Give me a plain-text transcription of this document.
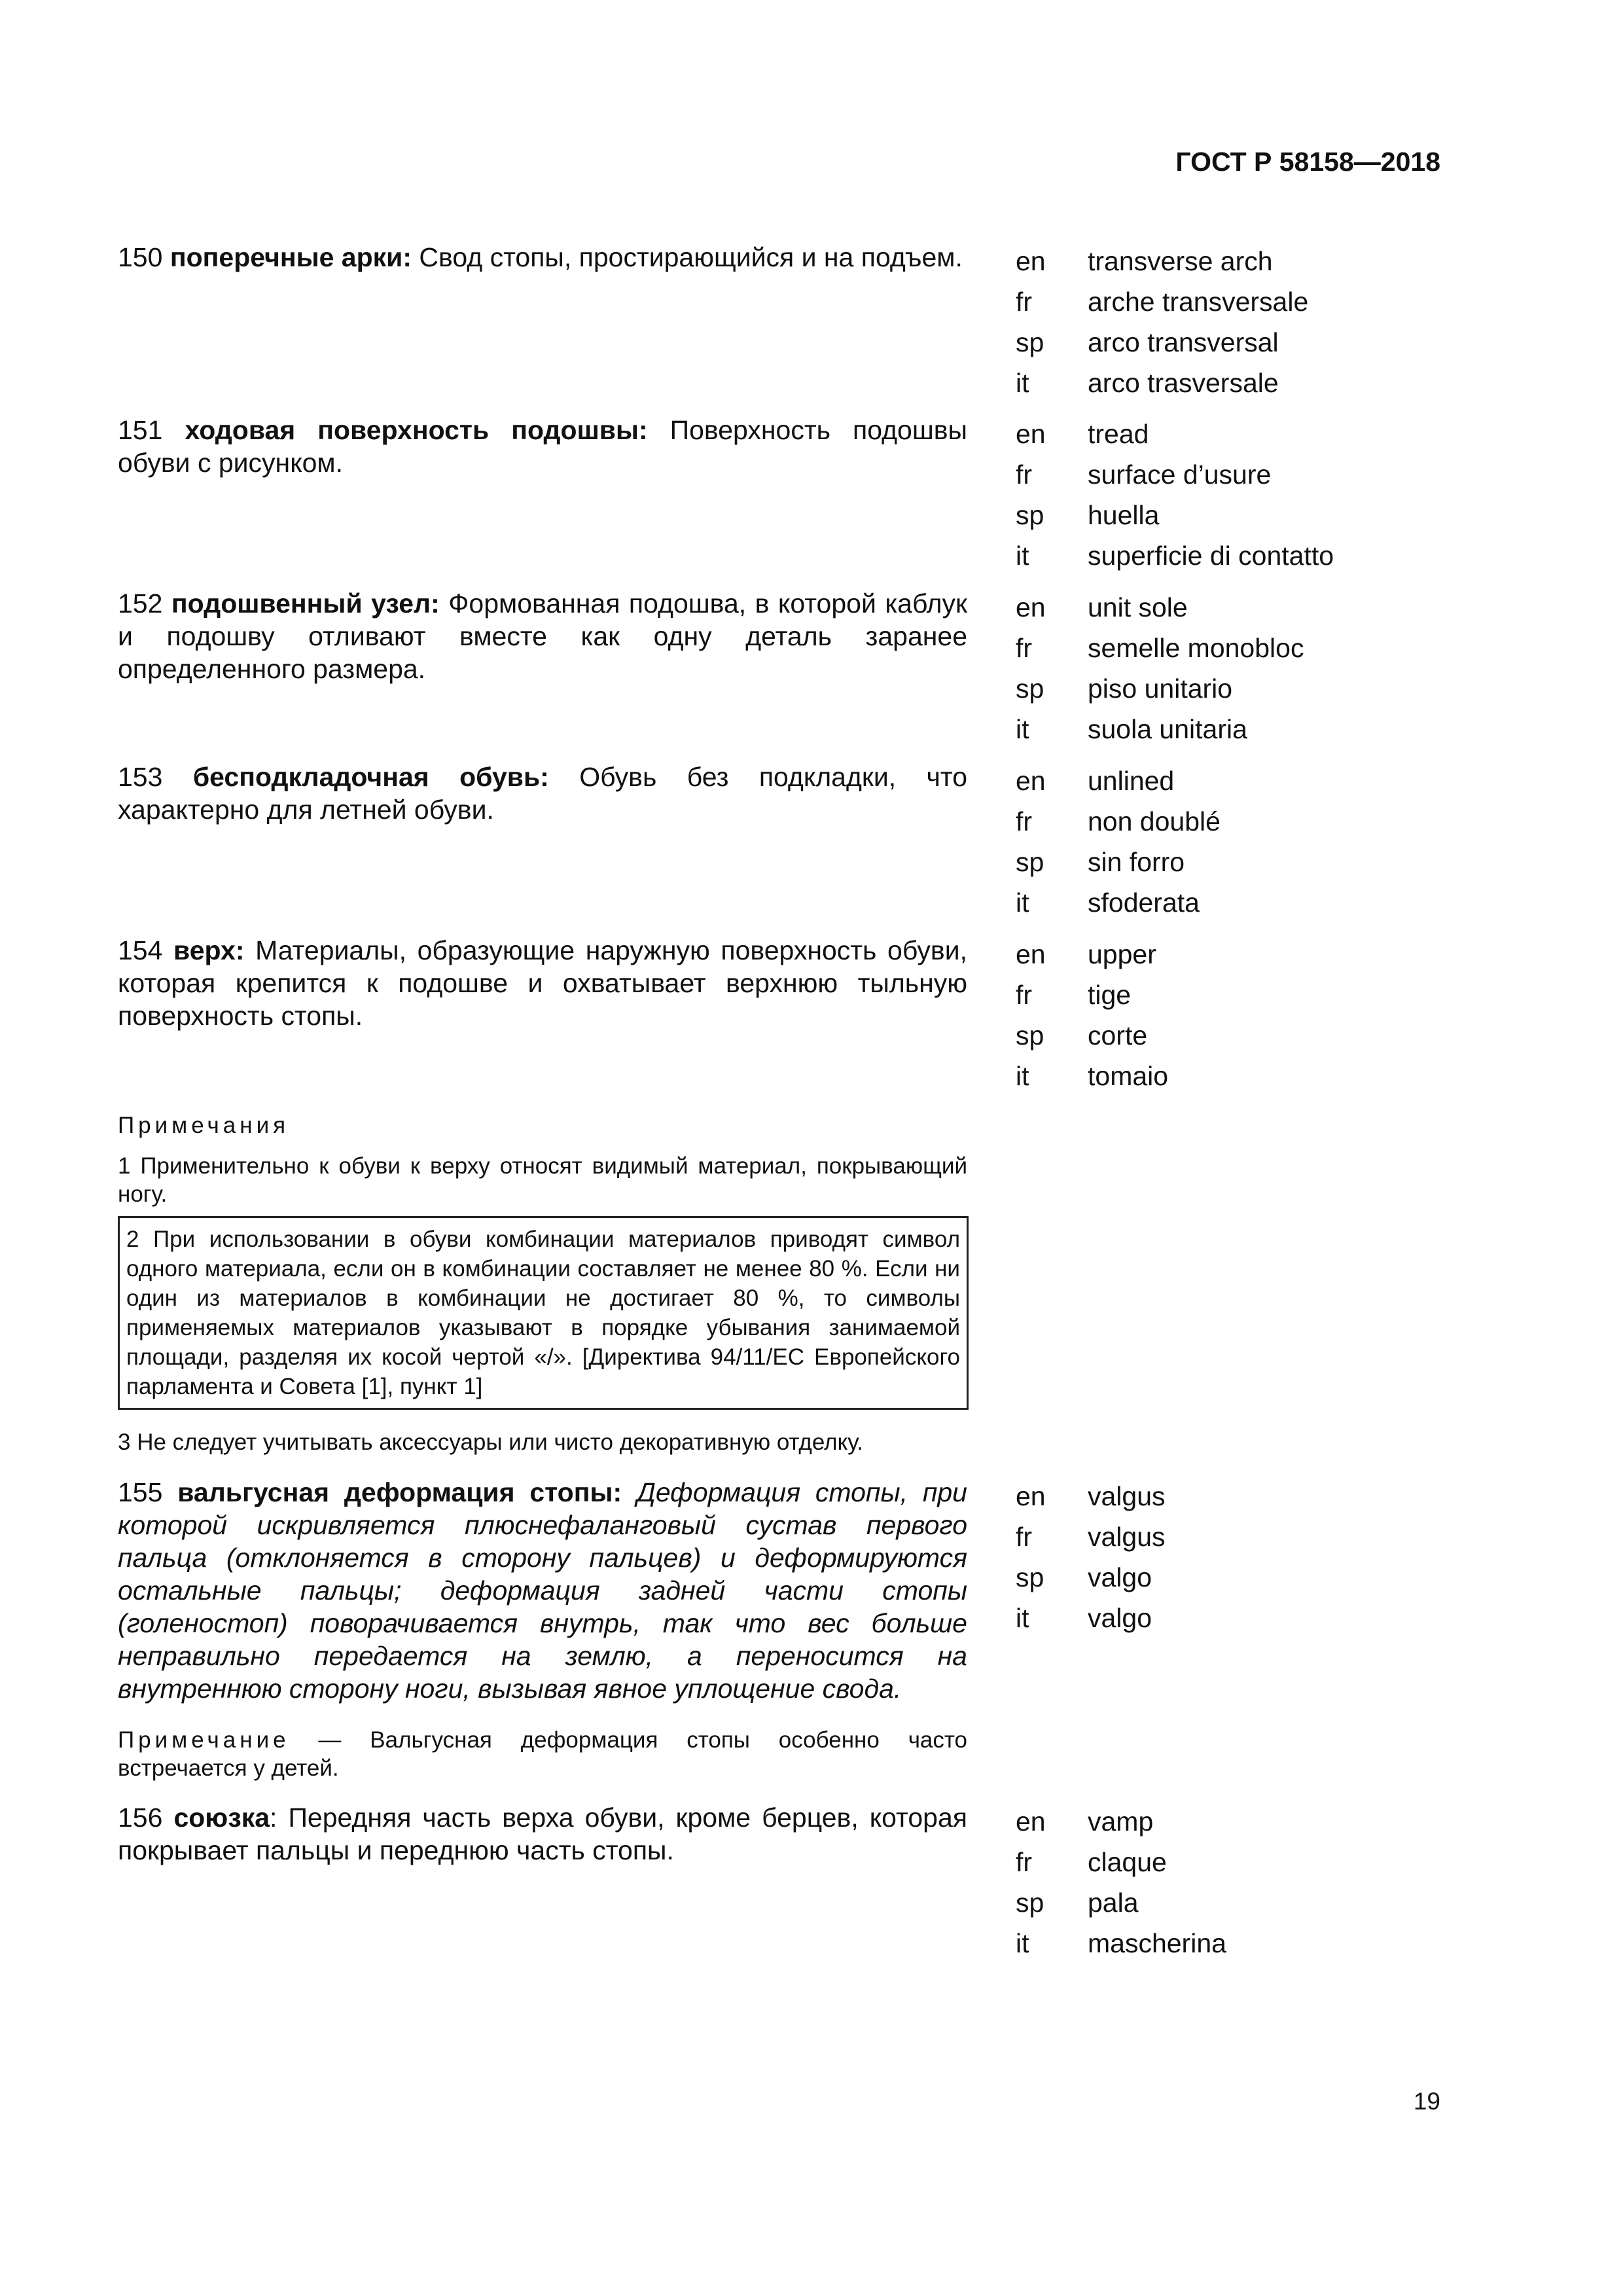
ГОСТ Р 58158—2018
150 поперечные арки: Свод стопы, простирающийся и на подъем. en transverse arch
fr arche transversale
sp arco transversal
it arco trasversale
151 ходовая поверхность подошвы: Поверхность подошвы обуви с рисунком.
en tread
fr surface d’usure
sp huella
it superficie di contatto
152 подошвенный узел: Формованная подошва, в которой каблук и подошву отливают вместе как одну деталь заранее определенного размера.
en unit sole
fr semelle monobloc
sp piso unitario
it suola unitaria
153 бесподкладочная обувь: Обувь без подкладки, что характерно для летней обуви.
en unlined
fr non doublé
sp sin forro
it sfoderata
154 верх: Материалы, образующие наружную поверхность обуви, которая крепится к подошве и охватывает верхнюю тыльную поверхность стопы.
en upper
fr tige
sp corte
it tomaio
Примечания
1 Применительно к обуви к верху относят видимый материал, покрывающий ногу.
2 При использовании в обуви комбинации материалов приводят символ одного материала, если он в комбинации составляет не менее 80 %. Если ни один из материалов в комбинации не достигает 80 %, то символы применяемых материалов указывают в порядке убывания занимаемой площади, разделяя их косой чертой «/». [Директива 94/11/ЕС Европейского парламента и Совета [1], пункт 1]
3 Не следует учитывать аксессуары или чисто декоративную отделку.
155 вальгусная деформация стопы: Деформация стопы, при которой искривляется плюснефаланговый сустав первого пальца (отклоняется в сторону пальцев) и деформируются остальные пальцы; деформация задней части стопы (голеностоп) поворачивается внутрь, так что вес больше неправильно передается на землю, а переносится на внутреннюю сторону ноги, вызывая явное уплощение свода.
en valgus
fr valgus
sp valgo
it valgo
Примечание — Вальгусная деформация стопы особенно часто встречается у детей.
156 союзка: Передняя часть верха обуви, кроме берцев, которая покрывает пальцы и переднюю часть стопы.
en vamp
fr claque
sp pala
it mascherina
19
